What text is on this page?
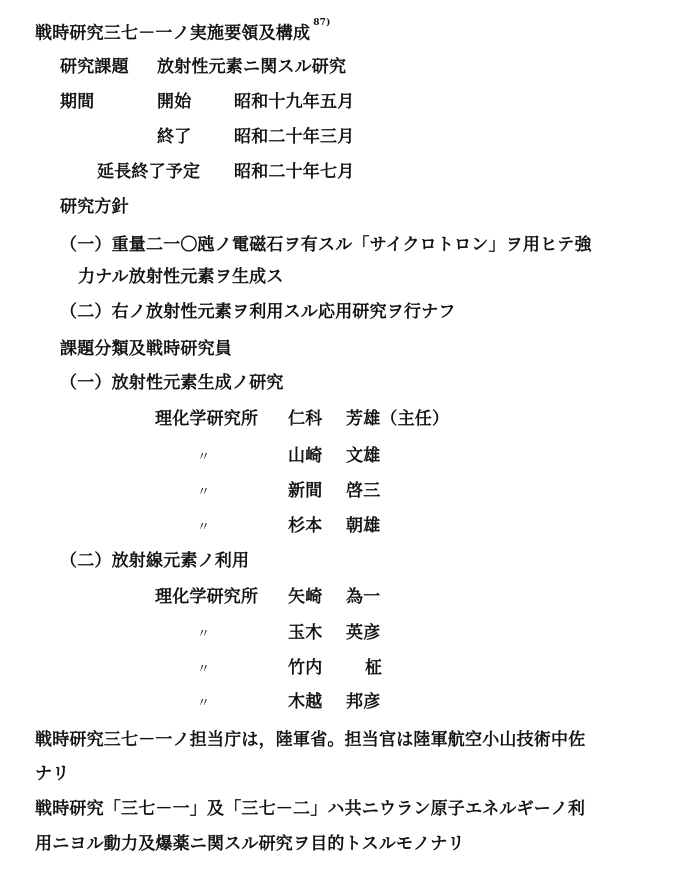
戦時研究三七－一ノ実施要領及構成$^{87)}$
研究課題 放射性元素ニ関スル研究
期間	開始	昭和十九年五月
終了	昭和二十年三月
延長終了予定 昭和二十年七月
研究方針
（一）重量二一〇瓲ノ電磁石ヲ有スル「サイクロトロン」ヲ用ヒテ強
力ナル放射性元素ヲ生成ス
（二）右ノ放射性元素ヲ利用スル応用研究ヲ行ナフ
課題分類及戦時研究員
（一）放射性元素生成ノ研究
理化学研究所 仁科 芳雄（主任）
〃	山崎 文雄
〃	新間 啓三
〃	杉本 朝雄
（二）放射線元素ノ利用
理化学研究所 矢崎 為一
〃	玉木 英彦
〃	竹内	柾
〃	木越 邦彦
戦時研究三七－一ノ担当庁は，陸軍省。担当官は陸軍航空小山技術中佐
ナリ
戦時研究「三七－一」及「三七－二」ハ共ニウラン原子エネルギーノ利
用ニヨル動力及爆薬ニ関スル研究ヲ目的トスルモノナリ
